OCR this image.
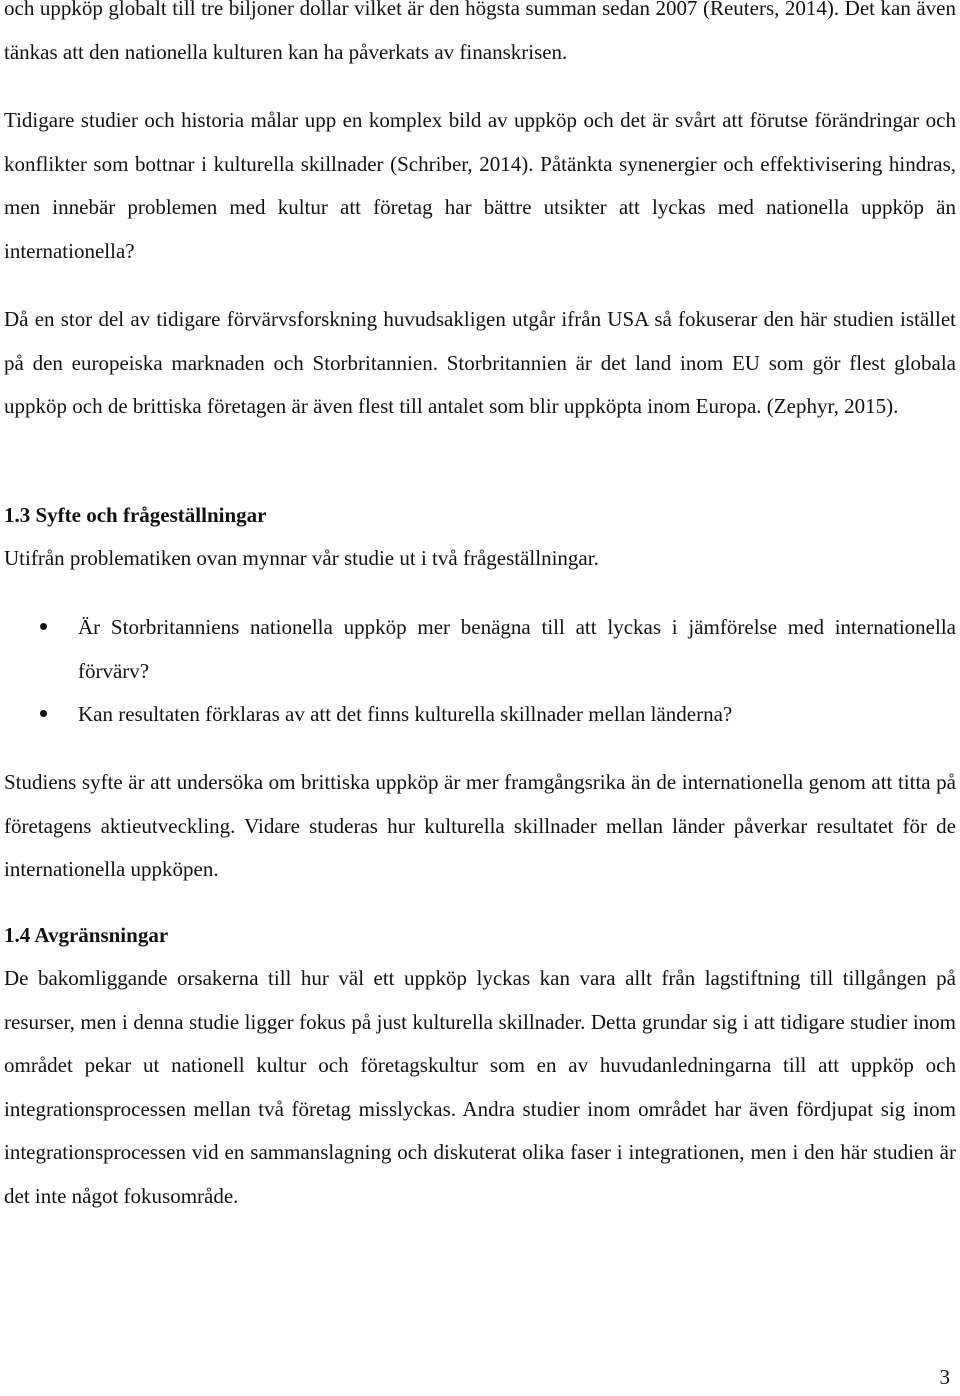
och uppköp globalt till tre biljoner dollar vilket är den högsta summan sedan 2007 (Reuters, 2014). Det kan även tänkas att den nationella kulturen kan ha påverkats av finanskrisen.

Tidigare studier och historia målar upp en komplex bild av uppköp och det är svårt att förutse förändringar och konflikter som bottnar i kulturella skillnader (Schriber, 2014). Påtänkta synenergier och effektivisering hindras, men innebär problemen med kultur att företag har bättre utsikter att lyckas med nationella uppköp än internationella?

Då en stor del av tidigare förvärvsforskning huvudsakligen utgår ifrån USA så fokuserar den här studien istället på den europeiska marknaden och Storbritannien. Storbritannien är det land inom EU som gör flest globala uppköp och de brittiska företagen är även flest till antalet som blir uppköpta inom Europa. (Zephyr, 2015).

1.3 Syfte och frågeställningar

Utifrån problematiken ovan mynnar vår studie ut i två frågeställningar.

Är Storbritanniens nationella uppköp mer benägna till att lyckas i jämförelse med internationella förvärv?
Kan resultaten förklaras av att det finns kulturella skillnader mellan länderna?

Studiens syfte är att undersöka om brittiska uppköp är mer framgångsrika än de internationella genom att titta på företagens aktieutveckling. Vidare studeras hur kulturella skillnader mellan länder påverkar resultatet för de internationella uppköpen.

1.4 Avgränsningar

De bakomliggande orsakerna till hur väl ett uppköp lyckas kan vara allt från lagstiftning till tillgången på resurser, men i denna studie ligger fokus på just kulturella skillnader. Detta grundar sig i att tidigare studier inom området pekar ut nationell kultur och företagskultur som en av huvudanledningarna till att uppköp och integrationsprocessen mellan två företag misslyckas. Andra studier inom området har även fördjupat sig inom integrationsprocessen vid en sammanslagning och diskuterat olika faser i integrationen, men i den här studien är det inte något fokusområde.

3
